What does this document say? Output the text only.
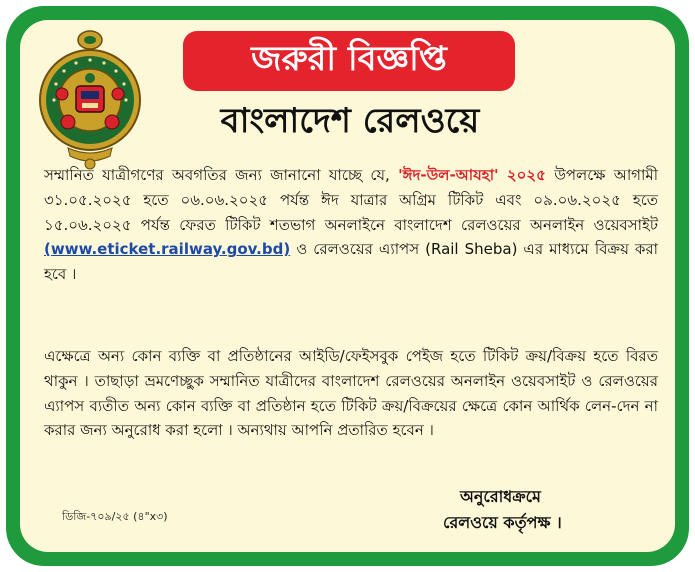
জরুরী বিজ্ঞপ্তি
বাংলাদেশ রেলওয়ে
সম্মানিত যাত্রীগণের অবগতির জন্য জানানো যাচ্ছে যে, 'ঈদ-উল-আযহা' ২০২৫ উপলক্ষে আগামী ৩১.০৫.২০২৫ হতে ০৬.০৬.২০২৫ পর্যন্ত ঈদ যাত্রার অগ্রিম টিকিট এবং ০৯.০৬.২০২৫ হতে ১৫.০৬.২০২৫ পর্যন্ত ফেরত টিকিট শতভাগ অনলাইনে বাংলাদেশ রেলওয়ের অনলাইন ওয়েবসাইট (www.eticket.railway.gov.bd) ও রেলওয়ের এ্যাপস (Rail Sheba) এর মাধ্যমে বিক্রয় করা হবে ।
এক্ষেত্রে অন্য কোন ব্যক্তি বা প্রতিষ্ঠানের আইডি/ফেইসবুক পেইজ হতে টিকিট ক্রয়/বিক্রয় হতে বিরত থাকুন । তাছাড়া ভ্রমণেচ্ছুক সম্মানিত যাত্রীদের বাংলাদেশ রেলওয়ের অনলাইন ওয়েবসাইট ও রেলওয়ের এ্যাপস ব্যতীত অন্য কোন ব্যক্তি বা প্রতিষ্ঠান হতে টিকিট ক্রয়/বিক্রয়ের ক্ষেত্রে কোন আর্থিক লেন-দেন না করার জন্য অনুরোধ করা হলো । অন্যথায় আপনি প্রতারিত হবেন ।
ডিজি-৭০৯/২৫ (৪"x৩)
অনুরোধক্রমে
রেলওয়ে কর্তৃপক্ষ ।
